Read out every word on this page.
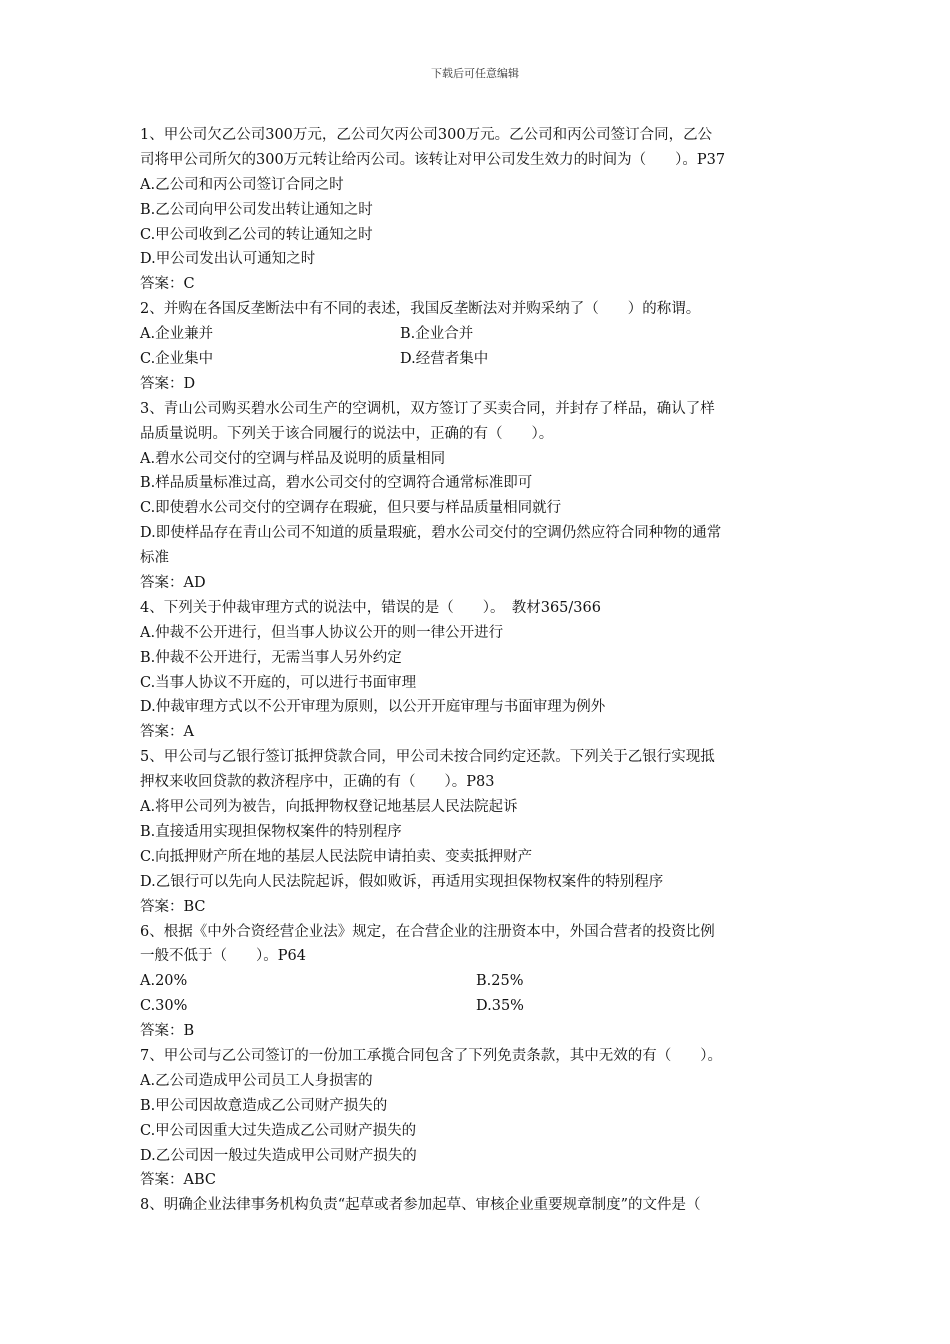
下载后可任意编辑
1、甲公司欠乙公司300万元，乙公司欠丙公司300万元。乙公司和丙公司签订合同，乙公
司将甲公司所欠的300万元转让给丙公司。该转让对甲公司发生效力的时间为（　　）。P37
A.乙公司和丙公司签订合同之时
B.乙公司向甲公司发出转让通知之时
C.甲公司收到乙公司的转让通知之时
D.甲公司发出认可通知之时
答案：C
2、并购在各国反垄断法中有不同的表述，我国反垄断法对并购采纳了（　　）的称谓。
A.企业兼并	B.企业合并
C.企业集中	D.经营者集中
答案：D
3、青山公司购买碧水公司生产的空调机，双方签订了买卖合同，并封存了样品，确认了样
品质量说明。下列关于该合同履行的说法中，正确的有（　　）。
A.碧水公司交付的空调与样品及说明的质量相同
B.样品质量标准过高，碧水公司交付的空调符合通常标准即可
C.即使碧水公司交付的空调存在瑕疵，但只要与样品质量相同就行
D.即使样品存在青山公司不知道的质量瑕疵，碧水公司交付的空调仍然应符合同种物的通常
标准
答案：AD
4、下列关于仲裁审理方式的说法中，错误的是（　　）。　教材365/366
A.仲裁不公开进行，但当事人协议公开的则一律公开进行
B.仲裁不公开进行，无需当事人另外约定
C.当事人协议不开庭的，可以进行书面审理
D.仲裁审理方式以不公开审理为原则，以公开开庭审理与书面审理为例外
答案：A
5、甲公司与乙银行签订抵押贷款合同，甲公司未按合同约定还款。下列关于乙银行实现抵
押权来收回贷款的救济程序中，正确的有（　　）。P83
A.将甲公司列为被告，向抵押物权登记地基层人民法院起诉
B.直接适用实现担保物权案件的特别程序
C.向抵押财产所在地的基层人民法院申请拍卖、变卖抵押财产
D.乙银行可以先向人民法院起诉，假如败诉，再适用实现担保物权案件的特别程序
答案：BC
6、根据《中外合资经营企业法》规定，在合营企业的注册资本中，外国合营者的投资比例
一般不低于（　　）。P64
A.20%	B.25%
C.30%	D.35%
答案：B
7、甲公司与乙公司签订的一份加工承揽合同包含了下列免责条款，其中无效的有（　　）。
A.乙公司造成甲公司员工人身损害的
B.甲公司因故意造成乙公司财产损失的
C.甲公司因重大过失造成乙公司财产损失的
D.乙公司因一般过失造成甲公司财产损失的
答案：ABC
8、明确企业法律事务机构负责“起草或者参加起草、审核企业重要规章制度”的文件是（
